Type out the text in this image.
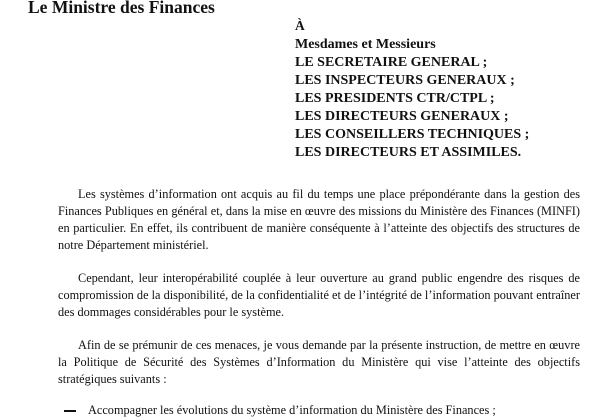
Le Ministre des Finances
À
Mesdames et Messieurs
LE SECRETAIRE GENERAL ;
LES INSPECTEURS GENERAUX ;
LES PRESIDENTS CTR/CTPL ;
LES DIRECTEURS GENERAUX ;
LES CONSEILLERS TECHNIQUES ;
LES DIRECTEURS ET ASSIMILES.

Les systèmes d’information ont acquis au fil du temps une place prépondérante dans la gestion des Finances Publiques en général et, dans la mise en œuvre des missions du Ministère des Finances (MINFI) en particulier. En effet, ils contribuent de manière conséquente à l’atteinte des objectifs des structures de notre Département ministériel.

Cependant, leur interopérabilité couplée à leur ouverture au grand public engendre des risques de compromission de la disponibilité, de la confidentialité et de l’intégrité de l’information pouvant entraîner des dommages considérables pour le système.

Afin de se prémunir de ces menaces, je vous demande par la présente instruction, de mettre en œuvre la Politique de Sécurité des Systèmes d’Information du Ministère qui vise l’atteinte des objectifs stratégiques suivants :

Accompagner les évolutions du système d’information du Ministère des Finances ;
